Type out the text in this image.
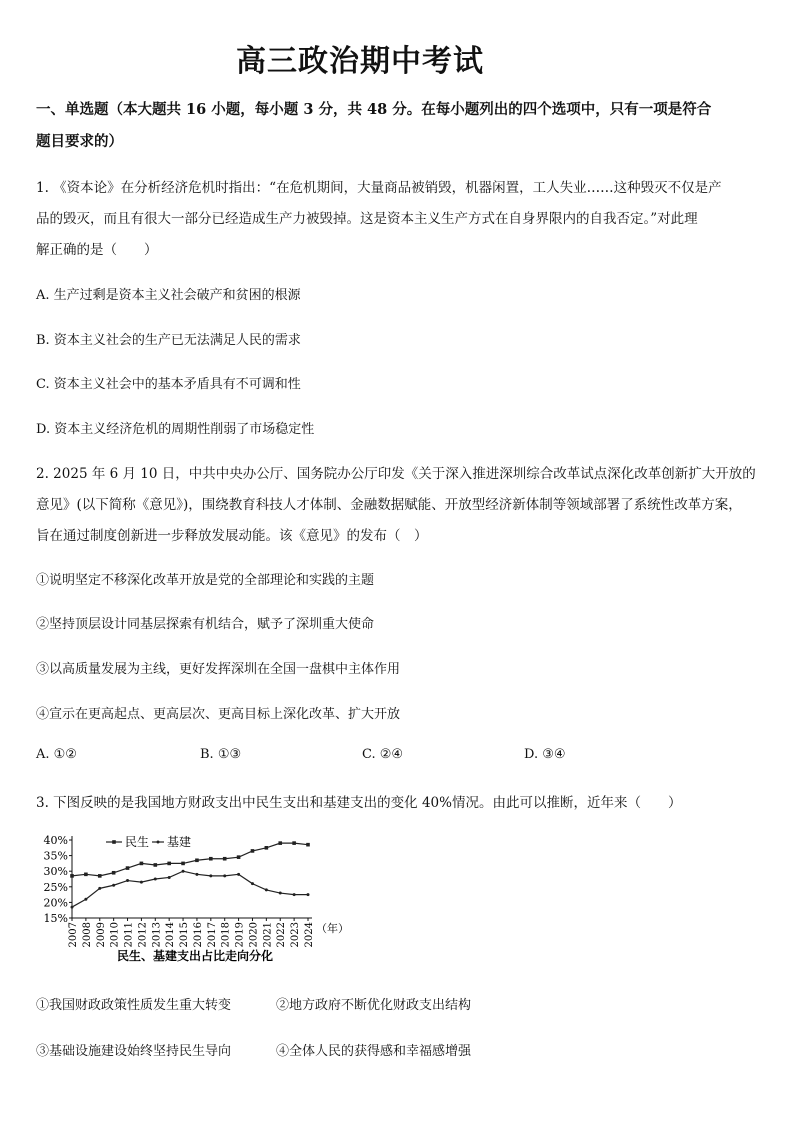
高三政治期中考试
一、单选题（本大题共 16 小题，每小题 3 分，共 48 分。在每小题列出的四个选项中，只有一项是符合
题目要求的）
1. 《资本论》在分析经济危机时指出：“在危机期间，大量商品被销毁，机器闲置，工人失业……这种毁灭不仅是产
品的毁灭，而且有很大一部分已经造成生产力被毁掉。这是资本主义生产方式在自身界限内的自我否定。”对此理
解正确的是（　　）
A. 生产过剩是资本主义社会破产和贫困的根源
B. 资本主义社会的生产已无法满足人民的需求
C. 资本主义社会中的基本矛盾具有不可调和性
D. 资本主义经济危机的周期性削弱了市场稳定性
2. 2025 年 6 月 10 日，中共中央办公厅、国务院办公厅印发《关于深入推进深圳综合改革试点深化改革创新扩大开放的
意见》(以下简称《意见》)，围绕教育科技人才体制、金融数据赋能、开放型经济新体制等领域部署了系统性改革方案，
旨在通过制度创新进一步释放发展动能。该《意见》的发布（　）
①说明坚定不移深化改革开放是党的全部理论和实践的主题
②坚持顶层设计同基层探索有机结合，赋予了深圳重大使命
③以高质量发展为主线，更好发挥深圳在全国一盘棋中主体作用
④宣示在更高起点、更高层次、更高目标上深化改革、扩大开放
A. ①②	B. ①③	C. ②④	D. ③④
3. 下图反映的是我国地方财政支出中民生支出和基建支出的变化 40%情况。由此可以推断，近年来（　　）
15%
20%
25%
30%
35%
40%
2007 2008 2009 2010 2011 2012 2013 2014 2015 2016 2017 2018 2019 2020 2021 2022 2023 2024 （年）
民生 基建
民生、基建支出占比走向分化
①我国财政政策性质发生重大转变	②地方政府不断优化财政支出结构
③基础设施建设始终坚持民生导向	④全体人民的获得感和幸福感增强
